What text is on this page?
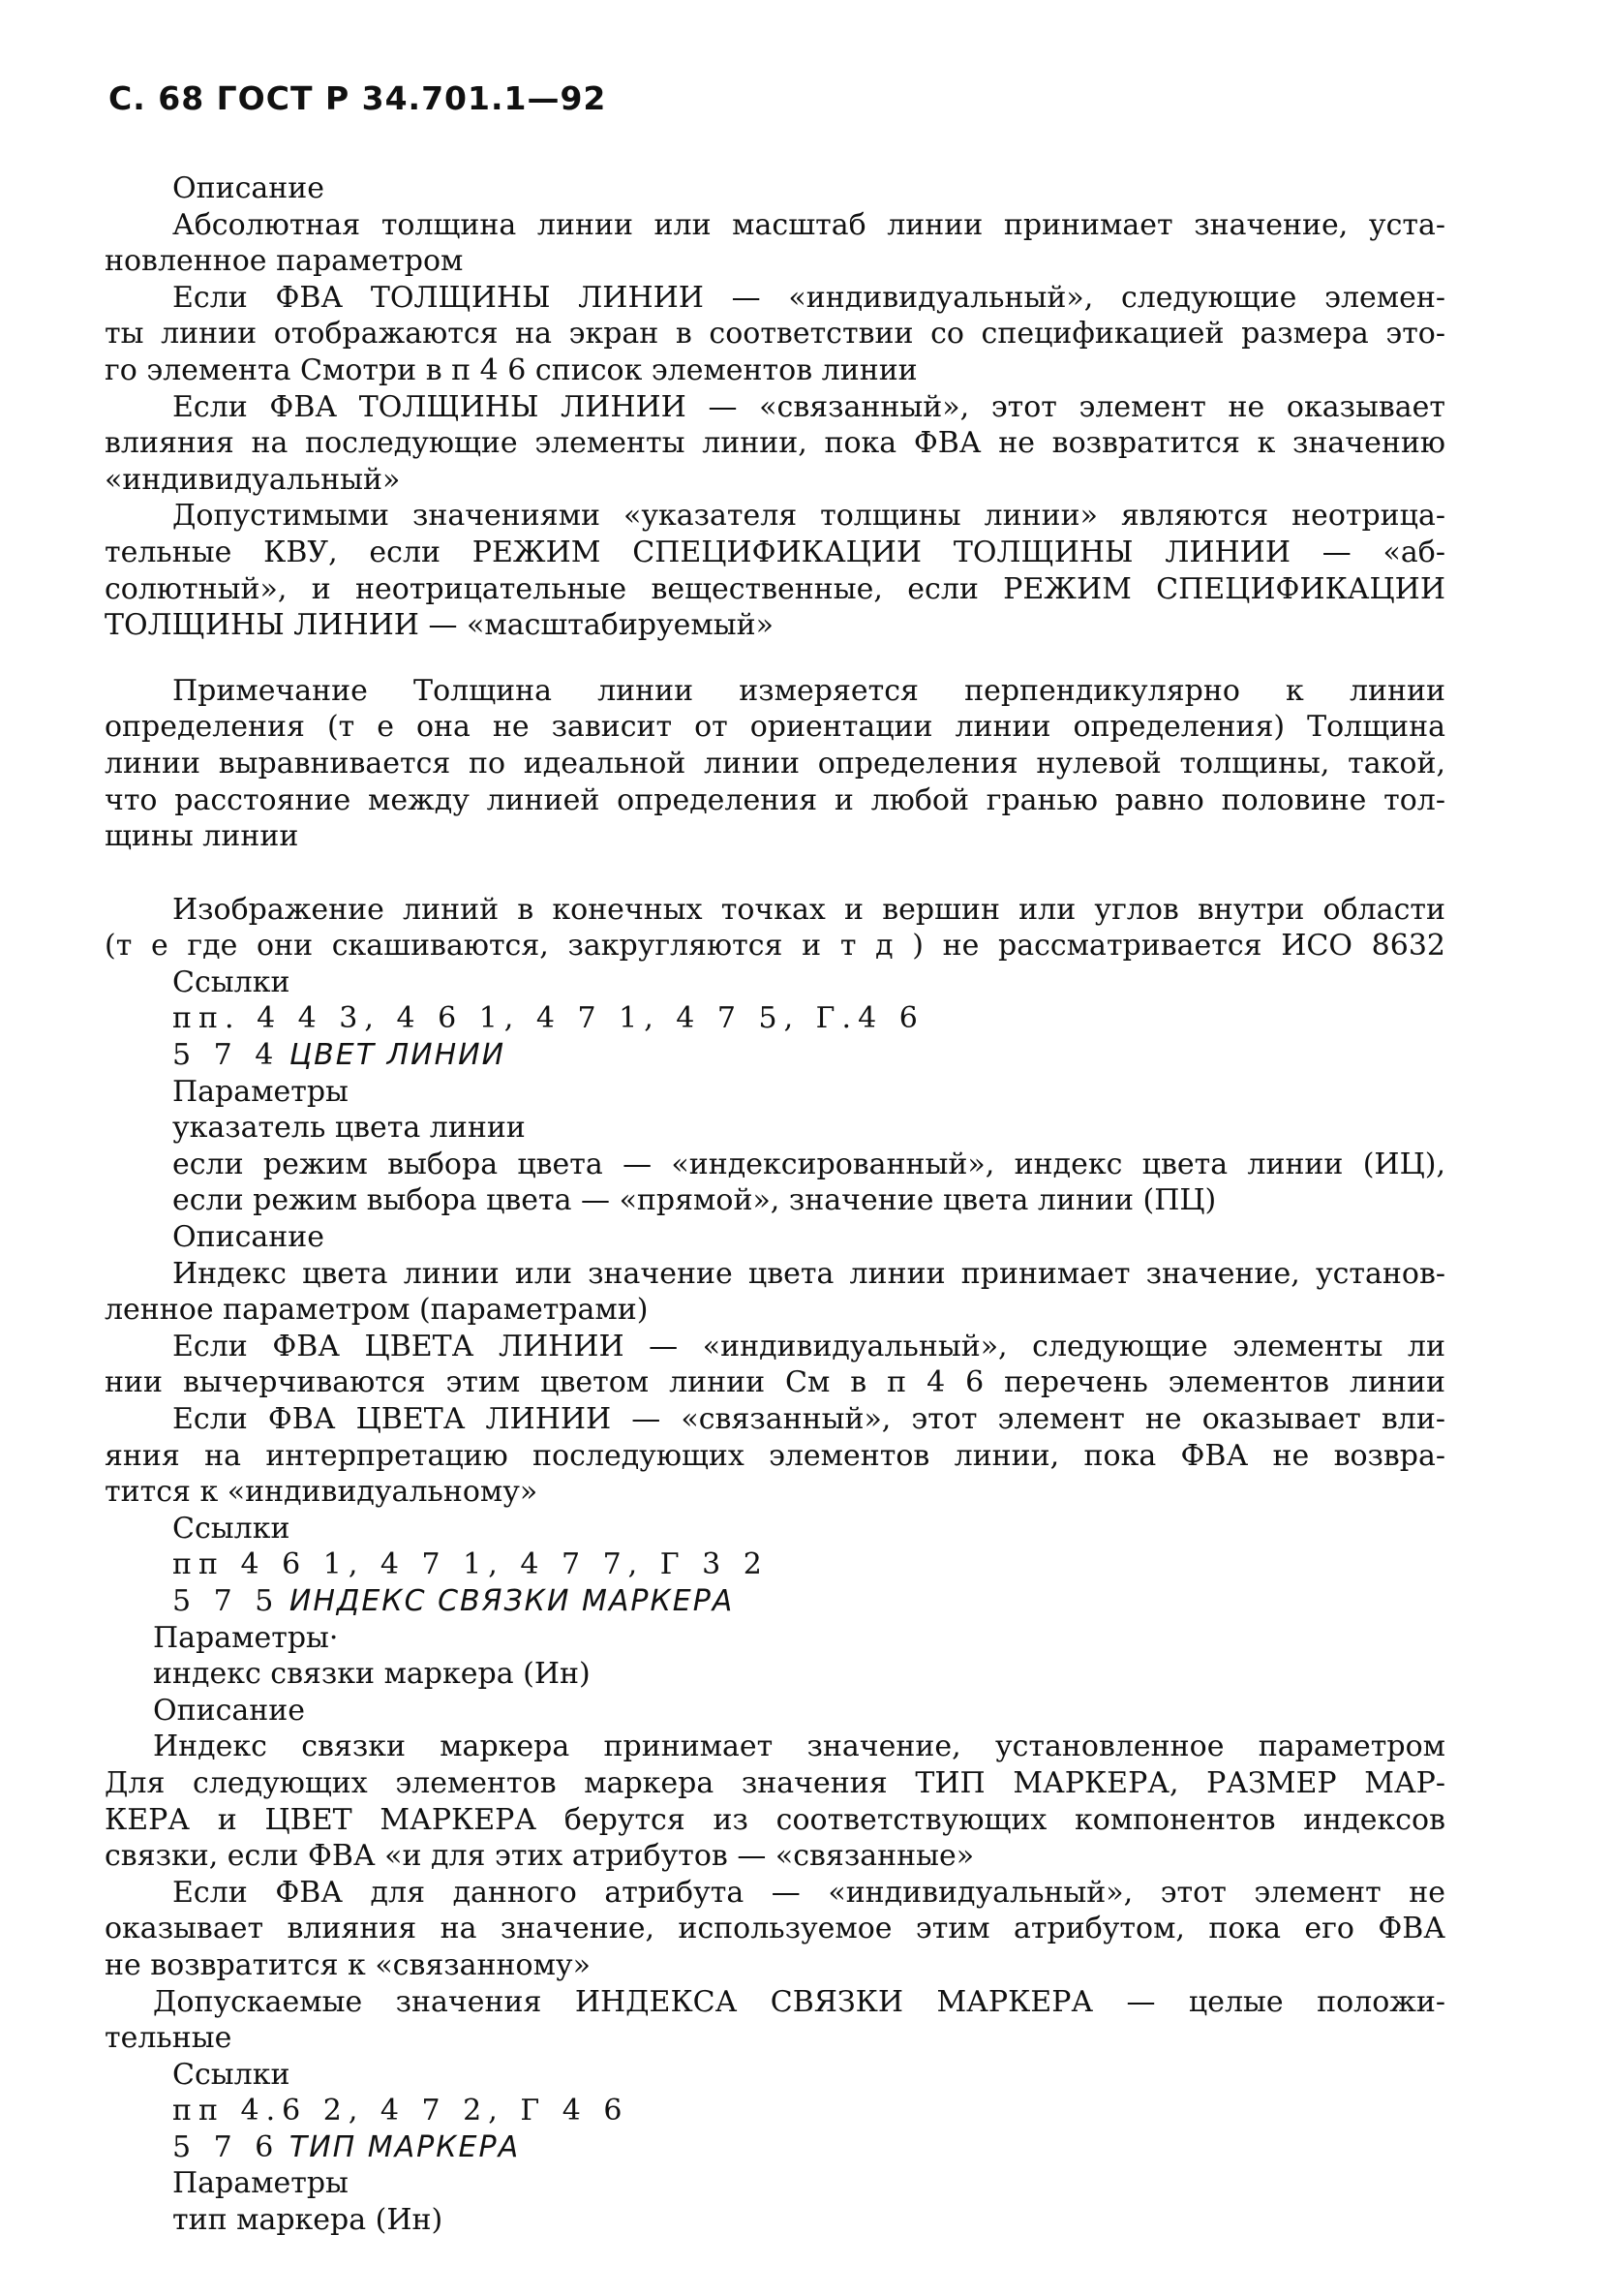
С. 68 ГОСТ Р 34.701.1—92
Описание
Абсолютная толщина линии или масштаб линии принимает значение, уста-
новленное параметром
Если ФВА ТОЛЩИНЫ ЛИНИИ — «индивидуальный», следующие элемен-
ты линии отображаются на экран в соответствии со спецификацией размера это-
го элемента Смотри в п 4 6 список элементов линии
Если ФВА ТОЛЩИНЫ ЛИНИИ — «связанный», этот элемент не оказывает
влияния на последующие элементы линии, пока ФВА не возвратится к значению
«индивидуальный»
Допустимыми значениями «указателя толщины линии» являются неотрица-
тельные КВУ, если РЕЖИМ СПЕЦИФИКАЦИИ ТОЛЩИНЫ ЛИНИИ — «аб-
солютный», и неотрицательные вещественные, если РЕЖИМ СПЕЦИФИКАЦИИ
ТОЛЩИНЫ ЛИНИИ — «масштабируемый»
Примечание Толщина линии измеряется перпендикулярно к линии
определения (т е она не зависит от ориентации линии определения) Толщина
линии выравнивается по идеальной линии определения нулевой толщины, такой,
что расстояние между линией определения и любой гранью равно половине тол-
щины линии
Изображение линий в конечных точках и вершин или углов внутри области
(т е где они скашиваются, закругляются и т д ) не рассматривается ИСО 8632
Ссылки
пп. 4 4 3, 4 6 1, 4 7 1, 4 7 5, Г.4 6
5 7 4 ЦВЕТ ЛИНИИ
Параметры
указатель цвета линии
если режим выбора цвета — «индексированный», индекс цвета линии (ИЦ),
если режим выбора цвета — «прямой», значение цвета линии (ПЦ)
Описание
Индекс цвета линии или значение цвета линии принимает значение, установ-
ленное параметром (параметрами)
Если ФВА ЦВЕТА ЛИНИИ — «индивидуальный», следующие элементы ли
нии вычерчиваются этим цветом линии См в п 4 6 перечень элементов линии
Если ФВА ЦВЕТА ЛИНИИ — «связанный», этот элемент не оказывает вли-
яния на интерпретацию последующих элементов линии, пока ФВА не возвра-
тится к «индивидуальному»
Ссылки
пп 4 6 1, 4 7 1, 4 7 7, Г 3 2
5 7 5 ИНДЕКС СВЯЗКИ МАРКЕРА
Параметры·
индекс связки маркера (Ин)
Описание
Индекс связки маркера принимает значение, установленное параметром
Для следующих элементов маркера значения ТИП МАРКЕРА, РАЗМЕР МАР-
КЕРА и ЦВЕТ МАРКЕРА берутся из соответствующих компонентов индексов
связки, если ФВА «и для этих атрибутов — «связанные»
Если ФВА для данного атрибута — «индивидуальный», этот элемент не
оказывает влияния на значение, используемое этим атрибутом, пока его ФВА
не возвратится к «связанному»
Допускаемые значения ИНДЕКСА СВЯЗКИ МАРКЕРА — целые положи-
тельные
Ссылки
пп 4.6 2, 4 7 2, Г 4 6
5 7 6 ТИП МАРКЕРА
Параметры
тип маркера (Ин)
